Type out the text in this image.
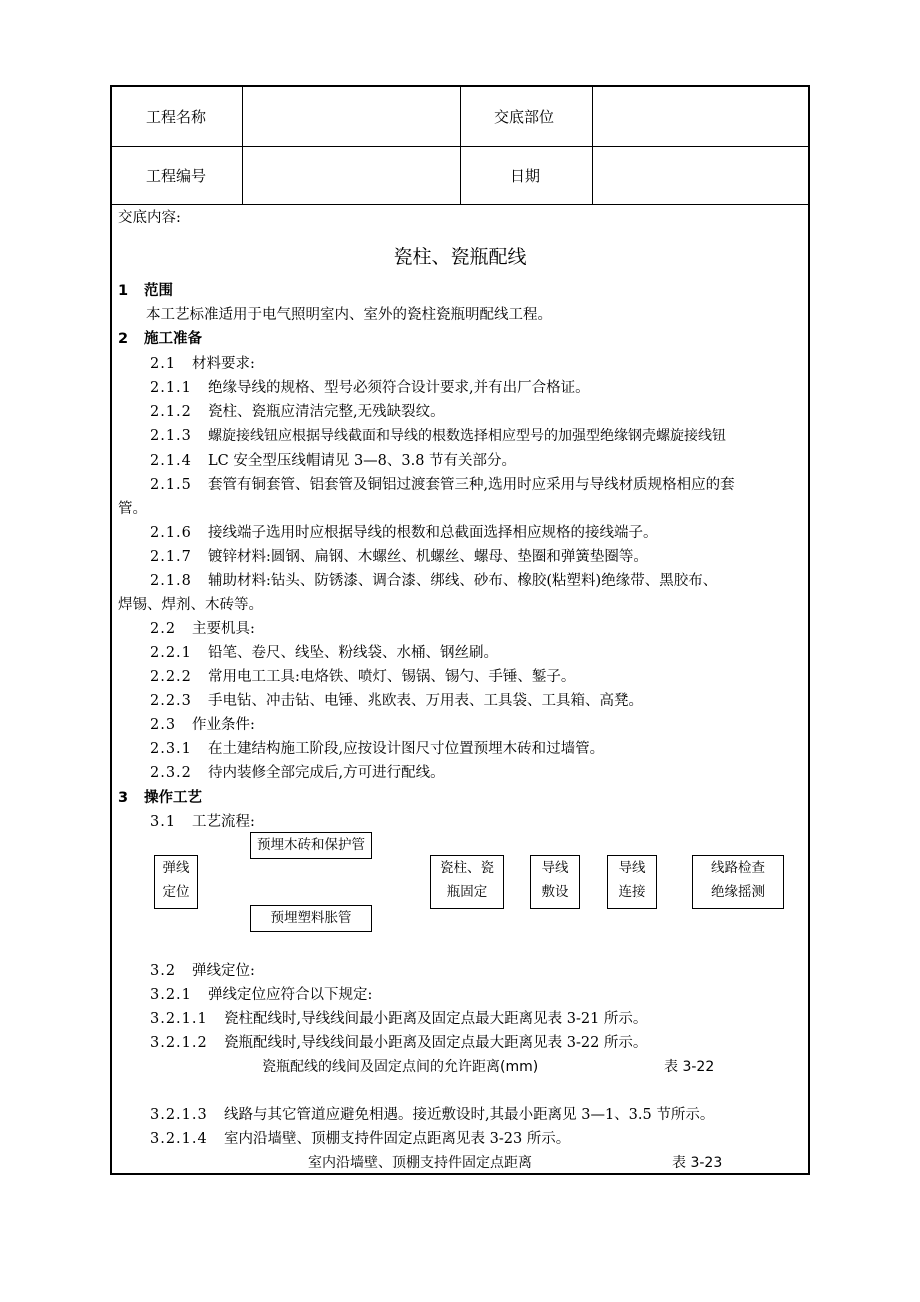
工程名称	交底部位
工程编号	日期
交底内容:
瓷柱、瓷瓶配线
1 范围
本工艺标准适用于电气照明室内、室外的瓷柱瓷瓶明配线工程。
2 施工准备
2.1 材料要求:
2.1.1 绝缘导线的规格、型号必须符合设计要求,并有出厂合格证。
2.1.2 瓷柱、瓷瓶应清洁完整,无残缺裂纹。
2.1.3 螺旋接线钮应根据导线截面和导线的根数选择相应型号的加强型绝缘钢壳螺旋接线钮
2.1.4 LC 安全型压线帽请见 3—8、3.8 节有关部分。
2.1.5 套管有铜套管、铝套管及铜铝过渡套管三种,选用时应采用与导线材质规格相应的套
管。
2.1.6 接线端子选用时应根据导线的根数和总截面选择相应规格的接线端子。
2.1.7 镀锌材料:圆钢、扁钢、木螺丝、机螺丝、螺母、垫圈和弹簧垫圈等。
2.1.8 辅助材料:钻头、防锈漆、调合漆、绑线、砂布、橡胶(粘塑料)绝缘带、黑胶布、
焊锡、焊剂、木砖等。
2.2 主要机具:
2.2.1 铅笔、卷尺、线坠、粉线袋、水桶、钢丝刷。
2.2.2 常用电工工具:电烙铁、喷灯、锡锅、锡勺、手锤、錾子。
2.2.3 手电钻、冲击钻、电锤、兆欧表、万用表、工具袋、工具箱、高凳。
2.3 作业条件:
2.3.1 在土建结构施工阶段,应按设计图尺寸位置预埋木砖和过墙管。
2.3.2 待内装修全部完成后,方可进行配线。
3 操作工艺
3.1 工艺流程:
预埋木砖和保护管
弹线
定位
预埋塑料胀管
瓷柱、瓷
瓶固定
导线
敷设
导线
连接
线路检查
绝缘摇测
3.2 弹线定位:
3.2.1 弹线定位应符合以下规定:
3.2.1.1 瓷柱配线时,导线线间最小距离及固定点最大距离见表 3-21 所示。
3.2.1.2 瓷瓶配线时,导线线间最小距离及固定点最大距离见表 3-22 所示。
瓷瓶配线的线间及固定点间的允许距离(mm)	表 3-22
3.2.1.3 线路与其它管道应避免相遇。接近敷设时,其最小距离见 3—1、3.5 节所示。
3.2.1.4 室内沿墙壁、顶棚支持件固定点距离见表 3-23 所示。
室内沿墙壁、顶棚支持件固定点距离	表 3-23
